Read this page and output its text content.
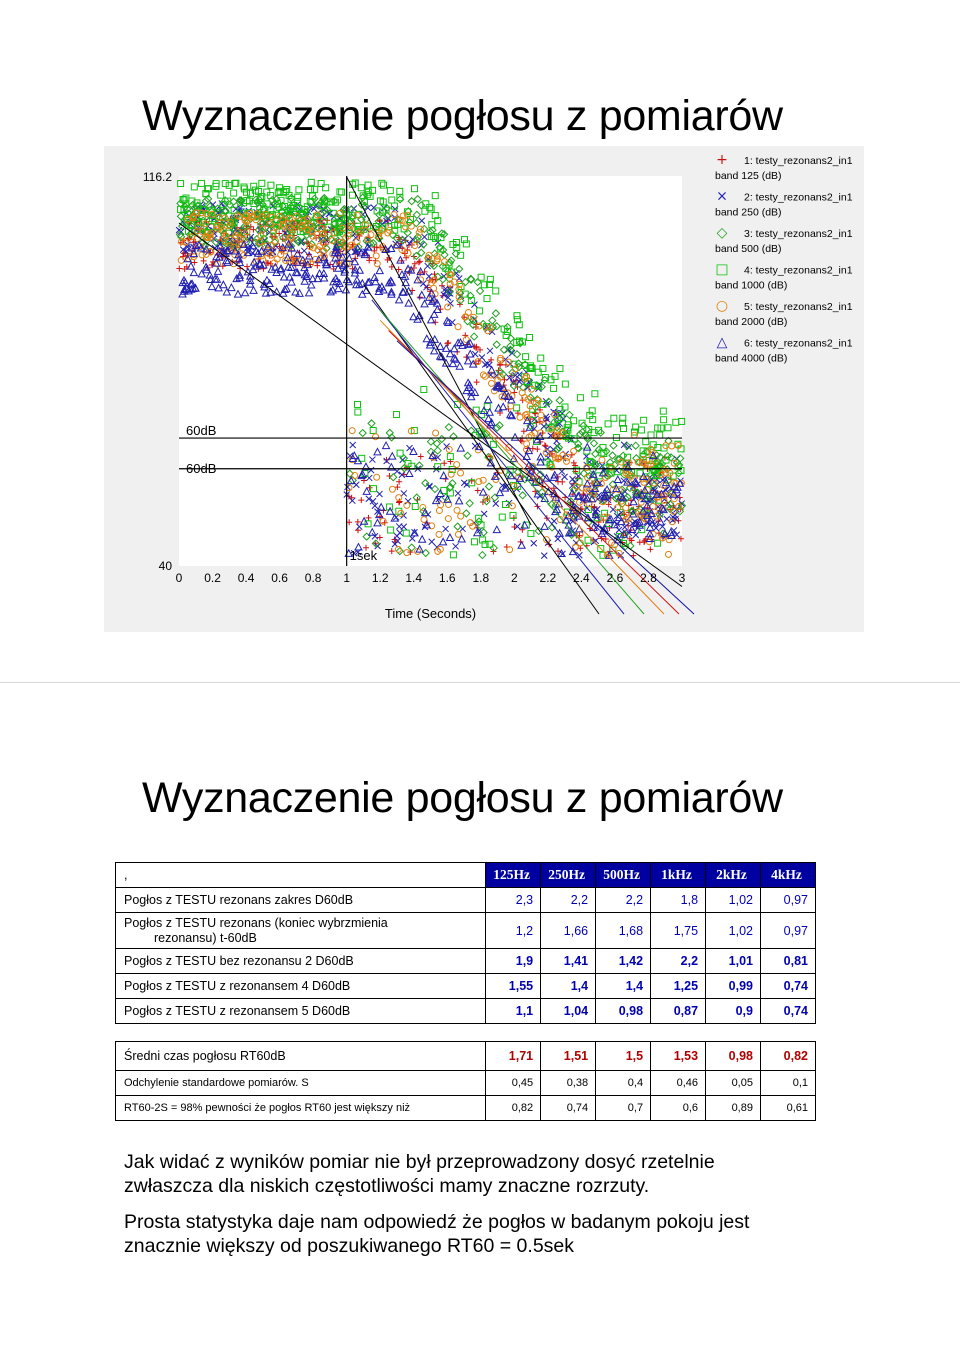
Wyznaczenie pogłosu z pomiarów
60dB
60dB
1sek
116.2
40
0 0.2 0.4 0.6 0.8 1 1.2 1.4 1.6 1.8 2 2.2 2.4 2.6 2.8 3
Time (Seconds)
+ 1: testy_rezonans2_in1
band 125 (dB)
× 2: testy_rezonans2_in1
band 250 (dB)
◇ 3: testy_rezonans2_in1
band 500 (dB)
□ 4: testy_rezonans2_in1
band 1000 (dB)
○ 5: testy_rezonans2_in1
band 2000 (dB)
△ 6: testy_rezonans2_in1
band 4000 (dB)
Wyznaczenie pogłosu z pomiarów
,	125Hz	250Hz	500Hz	1kHz	2kHz	4kHz
Pogłos z TESTU rezonans zakres D60dB	2,3	2,2	2,2	1,8	1,02	0,97

Pogłos z TESTU rezonans (koniec wybrzmienia
rezonansu) t-60dB	1,2	1,66	1,68	1,75	1,02	0,97
Pogłos z TESTU bez rezonansu 2 D60dB	1,9	1,41	1,42	2,2	1,01	0,81
Pogłos z TESTU z rezonansem 4 D60dB	1,55	1,4	1,4	1,25	0,99	0,74
Pogłos z TESTU z rezonansem 5 D60dB	1,1	1,04	0,98	0,87	0,9	0,74

Średni czas pogłosu RT60dB	1,71	1,51	1,5	1,53	0,98	0,82
Odchylenie standardowe pomiarów. S	0,45	0,38	0,4	0,46	0,05	0,1
RT60-2S = 98% pewności że pogłos RT60 jest większy niż	0,82	0,74	0,7	0,6	0,89	0,61
Jak widać z wyników pomiar nie był przeprowadzony dosyć rzetelnie
zwłaszcza dla niskich częstotliwości mamy znaczne rozrzuty.
Prosta statystyka daje nam odpowiedź że pogłos w badanym pokoju jest
znacznie większy od poszukiwanego RT60 = 0.5sek
